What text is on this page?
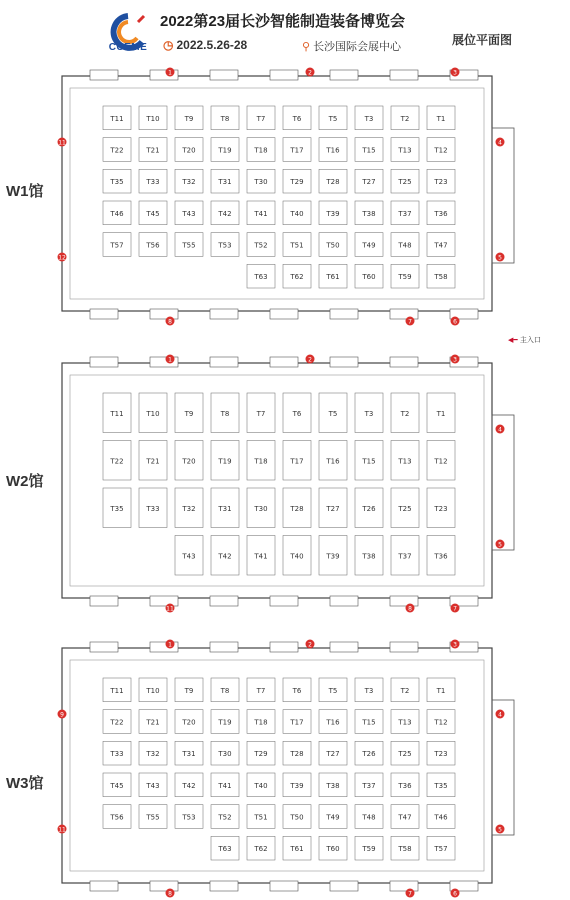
CCEME
2022第23届长沙智能制造装备博览会
◷ 2022.5.26-28	⚲ 长沙国际会展中心	展位平面图
W1馆
W2馆
W3馆
T1
T2
T3
T5
T6
T7
T8
T9
T10
T11
T12
T13
T15
T16
T17
T18
T19
T20
T21
T22
T23
T25
T27
T28
T29
T30
T31
T32
T33
T35
T36
T37
T38
T39
T40
T41
T42
T43
T45
T46
T47
T48
T49
T50
T51
T52
T53
T55
T56
T57
T58
T59
T60
T61
T62
T63
1	2	3
4
5
6
7
8
11
12
T1
T2
T3
T5
T6
T7
T8
T9
T10
T11
T12
T13
T15
T16
T17
T18
T19
T20
T21
T22
T23
T25
T26
T27
T28
T30
T31
T32
T33
T35
T36
T37
T38
T39
T40
T41
T42
T43
1	2	3
4
5
7
8
11
T1
T2
T3
T5
T6
T7
T8
T9
T10
T11
T12
T13
T15
T16
T17
T18
T19
T20
T21
T22
T23
T25
T26
T27
T28
T29
T30
T31
T32
T33
T35
T36
T37
T38
T39
T40
T41
T42
T43
T45
T46
T47
T48
T49
T50
T51
T52
T53
T55
T56
T57
T58
T59
T60
T61
T62
T63
1	2	3
4
5
6
7
8
9
11
◀━ 主入口
